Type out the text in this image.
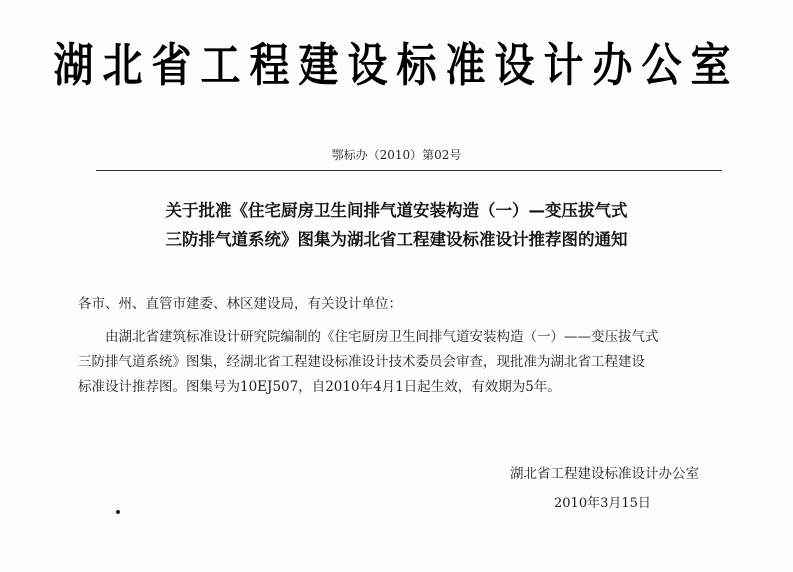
湖北省工程建设标准设计办公室
鄂标办（2010）第02号
关于批准《住宅厨房卫生间排气道安装构造（一）—变压拔气式
三防排气道系统》图集为湖北省工程建设标准设计推荐图的通知
各市、州、直管市建委、林区建设局，有关设计单位：
由湖北省建筑标准设计研究院编制的《住宅厨房卫生间排气道安装构造（一）——变压拔气式
三防排气道系统》图集，经湖北省工程建设标准设计技术委员会审查，现批准为湖北省工程建设
标准设计推荐图。图集号为10EJ507，自2010年4月1日起生效，有效期为5年。
湖北省工程建设标准设计办公室
2010年3月15日
